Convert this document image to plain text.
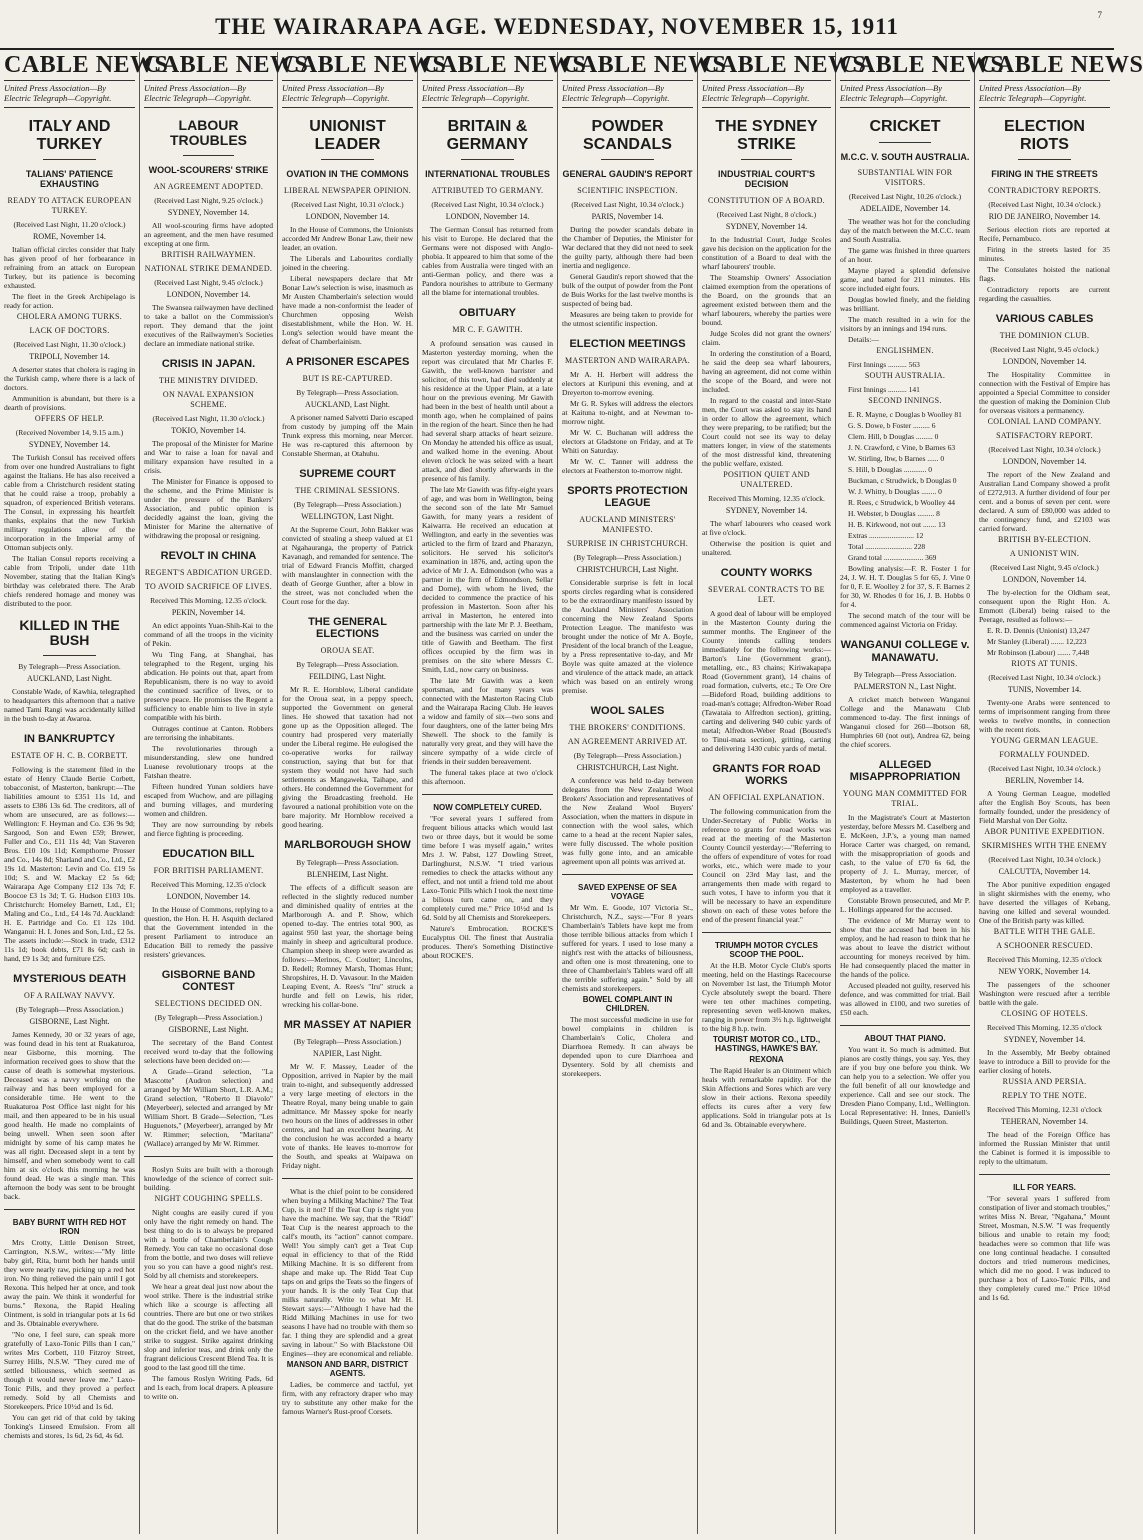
THE WAIRARAPA AGE. WEDNESDAY, NOVEMBER 15, 1911	7
CABLE NEWS
United Press Association—By Electric Telegraph—Copyright.
ITALY AND TURKEY
TALIANS' PATIENCE EXHAUSTING
READY TO ATTACK EUROPEAN TURKEY.
(Received Last Night, 11.20 o'clock.)
ROME, November 14.
Italian official circles consider that Italy has given proof of her forbearance in refraining from an attack on European Turkey, but its patience is becoming exhausted.
The fleet in the Greek Archipelago is ready for action.
CHOLERA AMONG TURKS.
LACK OF DOCTORS.
(Received Last Night, 11.30 o'clock.)
TRIPOLI, November 14.
A deserter states that cholera is raging in the Turkish camp, where there is a lack of doctors.
Ammunition is abundant, but there is a dearth of provisions.
OFFERS OF HELP.
(Received November 14, 9.15 a.m.)
SYDNEY, November 14.
The Turkish Consul has received offers from over one hundred Australians to fight against the Italians. He has also received a cable from a Christchurch resident stating that he could raise a troop, probably a squadron, of experienced British veterans. The Consul, in expressing his heartfelt thanks, explains that the new Turkish military regulations allow of the incorporation in the Imperial army of Ottoman subjects only.
The Italian Consul reports receiving a cable from Tripoli, under date 11th November, stating that the Italian King's birthday was celebrated there. The Arab chiefs rendered homage and money was distributed to the poor.
KILLED IN THE BUSH
By Telegraph—Press Association.
AUCKLAND, Last Night.
Constable Wade, of Kawhia, telegraphed to headquarters this afternoon that a native named Tami Rangi was accidentally killed in the bush to-day at Awaroa.
IN BANKRUPTCY
ESTATE OF H. C. B. CORBETT.
Following is the statement filed in the estate of Henry Claude Bertie Corbett, tobacconist, of Masterton, bankrupt:—The liabilities amount to £351 11s 1d, and assets to £386 13s 6d. The creditors, all of whom are unsecured, are as follows:—Wellington: F. Heyman and Co. £36 9s 9d; Sargood, Son and Ewen £59; Brewer, Fuller and Co., £11 11s 4d; Van Staveren Bros. £10 10s 11d; Kempthorne Prosser and Co., 14s 8d; Sharland and Co., Ltd., £2 19s 1d. Masterton: Levin and Co. £19 5s 10d; S. and W. Mackay £2 5s 6d; Wairarapa Age Company £12 13s 7d; F. Boocoe £3 1s 3d; T. G. Hudson £103 10s. Christchurch: Homeley Barnett, Ltd., £1; Maling and Co., Ltd., £4 14s 7d. Auckland: H. E. Partridge and Co. £1 12s 10d. Wanganui: H. I. Jones and Son, Ltd., £2 5s. The assets include:—Stock in trade, £312 11s 1d; book debts, £71 8s 6d; cash in hand, £9 1s 3d; and furniture £25.
MYSTERIOUS DEATH
OF A RAILWAY NAVVY.
(By Telegraph—Press Association.)
GISBORNE, Last Night.
James Kennedy, 30 or 32 years of age, was found dead in his tent at Ruakaturoa, near Gisborne, this morning. The information received goes to show that the cause of death is somewhat mysterious. Deceased was a navvy working on the railway and has been employed for a considerable time. He went to the Ruakaturoa Post Office last night for his mail, and then appeared to be in his usual good health. He made no complaints of being unwell. When seen soon after midnight by some of his camp mates he was all right. Deceased slept in a tent by himself, and when somebody went to call him at six o'clock this morning he was found dead. He was a single man. This afternoon the body was sent to be brought back.
BABY BURNT WITH RED HOT IRON
Mrs Crotty, Little Denison Street, Carrington, N.S.W., writes:—"My little baby girl, Rita, burnt both her hands until they were nearly raw, picking up a red hot iron. No thing relieved the pain until I got Rexona. This helped her at once, and took away the pain. We think it wonderful for burns." Rexona, the Rapid Healing Ointment, is sold in triangular pots at 1s 6d and 3s. Obtainable everywhere.
"No one, I feel sure, can speak more gratefully of Laxo-Tonic Pills than I can," writes Mrs Corbett, 110 Fitzroy Street, Surrey Hills, N.S.W. "They cured me of settled biliousness, which seemed as though it would never leave me." Laxo-Tonic Pills, and they proved a perfect remedy. Sold by all Chemists and Storekeepers. Price 10½d and 1s 6d.
You can get rid of that cold by taking Tonking's Linseed Emulsion. From all chemists and stores, 1s 6d, 2s 6d, 4s 6d.
CABLE NEWS
United Press Association—By Electric Telegraph—Copyright.
LABOUR TROUBLES
WOOL-SCOURERS' STRIKE
AN AGREEMENT ADOPTED.
(Received Last Night, 9.25 o'clock.)
SYDNEY, November 14.
All wool-scouring firms have adopted an agreement, and the men have resumed excepting at one firm.
BRITISH RAILWAYMEN.
NATIONAL STRIKE DEMANDED.
(Received Last Night, 9.45 o'clock.)
LONDON, November 14.
The Swansea railwaymen have declined to take a ballot on the Commission's report. They demand that the joint executives of the Railwaymen's Societies declare an immediate national strike.
CRISIS IN JAPAN.
THE MINISTRY DIVIDED.
ON NAVAL EXPANSION SCHEME.
(Received Last Night, 11.30 o'clock.)
TOKIO, November 14.
The proposal of the Minister for Marine and War to raise a loan for naval and military expansion have resulted in a crisis.
The Minister for Finance is opposed to the scheme, and the Prime Minister is under the pressure of the Bankers' Association, and public opinion is decidedly against the loan, giving the Minister for Marine the alternative of withdrawing the proposal or resigning.
REVOLT IN CHINA
REGENT'S ABDICATION URGED.
TO AVOID SACRIFICE OF LIVES.
Received This Morning, 12.35 o'clock.
PEKIN, November 14.
An edict appoints Yuan-Shih-Kai to the command of all the troops in the vicinity of Pekin.
Wu Ting Fang, at Shanghai, has telegraphed to the Regent, urging his abdication. He points out that, apart from Republicanism, there is no way to avoid the continued sacrifice of lives, or to preserve peace. He promises the Regent a sufficiency to enable him to live in style compatible with his birth.
Outrages continue at Canton. Robbers are terrorising the inhabitants.
The revolutionaries through a misunderstanding, slew one hundred Luanese revolutionary troops at the Fatshan theatre.
Fifteen hundred Yunan soldiers have escaped from Wuchow, and are pillaging and burning villages, and murdering women and children.
They are now surrounding by rebels and fierce fighting is proceeding.
EDUCATION BILL
FOR BRITISH PARLIAMENT.
Received This Morning, 12.35 o'clock
LONDON, November 14.
In the House of Commons, replying to a question, the Hon. H. H. Asquith declared that the Government intended in the present Parliament to introduce an Education Bill to remedy the passive resisters' grievances.
GISBORNE BAND CONTEST
SELECTIONS DECIDED ON.
(By Telegraph—Press Association.)
GISBORNE, Last Night.
The secretary of the Band Contest received word to-day that the following selections have been decided on:—
A Grade—Grand selection, "La Mascotte" (Audron selection) and arranged by Mr William Short, L.R. A.M.; Grand selection, "Roberto Il Diavolo" (Meyerbeer), selected and arranged by Mr William Short. B Grade—Selection, "Les Huguenots," (Meyerbeer), arranged by Mr W. Rimmer; selection, "Maritana" (Wallace) arranged by Mr W. Rimmer.
Roslyn Suits are built with a thorough knowledge of the science of correct suit-building.
NIGHT COUGHING SPELLS.
Night coughs are easily cured if you only have the right remedy on hand. The best thing to do is to always be prepared with a bottle of Chamberlain's Cough Remedy. You can take no occasional dose from the bottle, and two doses will relieve you so you can have a good night's rest. Sold by all chemists and storekeepers.
We hear a great deal just now about the wool strike. There is the industrial strike which like a scourge is affecting all countries. There are but one or two strikes that do the good. The strike of the batsman on the cricket field, and we have another strike to suggest. Strike against drinking slop and inferior teas, and drink only the fragrant delicious Crescent Blend Tea. It is good to the last good till the time.
The famous Roslyn Writing Pads, 6d and 1s each, from local drapers. A pleasure to write on.
CABLE NEWS
United Press Association—By Electric Telegraph—Copyright.
UNIONIST LEADER
OVATION IN THE COMMONS
LIBERAL NEWSPAPER OPINION.
(Received Last Night, 10.31 o'clock.)
LONDON, November 14.
In the House of Commons, the Unionists accorded Mr Andrew Bonar Law, their new leader, an ovation.
The Liberals and Labourites cordially joined in the cheering.
Liberal newspapers declare that Mr Bonar Law's selection is wise, inasmuch as Mr Austen Chamberlain's selection would have made a non-conformist the leader of Churchmen opposing Welsh disestablishment, while the Hon. W. H. Long's selection would have meant the defeat of Chamberlainism.
A PRISONER ESCAPES
BUT IS RE-CAPTURED.
By Telegraph—Press Association.
AUCKLAND, Last Night.
A prisoner named Salvetti Dario escaped from custody by jumping off the Main Trunk express this morning, near Mercer. He was re-captured this afternoon by Constable Sherman, at Otahuhu.
SUPREME COURT
THE CRIMINAL SESSIONS.
(By Telegraph—Press Association.)
WELLINGTON, Last Night.
At the Supreme Court, John Bakker was convicted of stealing a sheep valued at £1 at Ngahauranga, the property of Patrick Kavanagh, and remanded for sentence. The trial of Edward Francis Moffitt, charged with manslaughter in connection with the death of George Gunther, after a blow in the street, was not concluded when the Court rose for the day.
THE GENERAL ELECTIONS
OROUA SEAT.
By Telegraph—Press Association.
FEILDING, Last Night.
Mr R. E. Hornblow, Liberal candidate for the Oroua seat, in a peppy speech, supported the Government on general lines. He showed that taxation had not gone up as the Opposition alleged. The country had prospered very materially under the Liberal regime. He eulogised the co-operative works for railway construction, saying that but for that system they would not have had such settlements as Mangaweka, Taihape, and others. He condemned the Government for giving the Broadcasting freehold. He favoured a national prohibition vote on the bare majority. Mr Hornblow received a good hearing.
MARLBOROUGH SHOW
By Telegraph—Press Association.
BLENHEIM, Last Night.
The effects of a difficult season are reflected in the slightly reduced number and diminished quality of entries at the Marlborough A. and P. Show, which opened to-day. The entries total 900, as against 950 last year, the shortage being mainly in sheep and agricultural produce. Champion sheep in sheep were awarded as follows:—Merinos, C. Coulter; Lincolns, D. Redell; Romney Marsh, Thomas Hunt; Shropshires, H. D. Vavasour. In the Maiden Leaping Event, A. Rees's "Iru" struck a hurdle and fell on Lewis, his rider, wrecking his collar-bone.
MR MASSEY AT NAPIER
(By Telegraph—Press Association.)
NAPIER, Last Night.
Mr W. F. Massey, Leader of the Opposition, arrived in Napier by the mail train to-night, and subsequently addressed a very large meeting of electors in the Theatre Royal, many being unable to gain admittance. Mr Massey spoke for nearly two hours on the lines of addresses in other centres, and had an excellent hearing. At the conclusion he was accorded a hearty vote of thanks. He leaves to-morrow for the South, and speaks at Waipawa on Friday night.
What is the chief point to be considered when buying a Milking Machine? The Teat Cup, is it not? If the Teat Cup is right you have the machine. We say, that the "Ridd" Teat Cup is the nearest approach to the calf's mouth, its "action" cannot compare. Well! You simply can't get a Teat Cup equal in efficiency to that of the Ridd Milking Machine. It is so different from shape and make up. The Ridd Teat Cup taps on and grips the Teats so the fingers of your hands. It is the only Teat Cup that milks naturally. Write to what Mr H. Stewart says:—"Although I have had the Ridd Milking Machines in use for two seasons I have had no trouble with them so far. I thing they are splendid and a great saving in labour." So with Blackstone Oil Engines—they are economical and reliable.
MANSON AND BARR, DISTRICT AGENTS.
Ladies, be commerce and tactful, yet firm, with any refractory draper who may try to substitute any other make for the famous Warner's Rust-proof Corsets.
CABLE NEWS
United Press Association—By Electric Telegraph—Copyright.
BRITAIN & GERMANY
INTERNATIONAL TROUBLES
ATTRIBUTED TO GERMANY.
(Received Last Night, 10.34 o'clock.)
LONDON, November 14.
The German Consul has returned from his visit to Europe. He declared that the Germans were not disposed with Anglo-phobia. It appeared to him that some of the cables from Australia were tinged with an anti-German policy, and there was a Pandora nourishes to attribute to Germany all the blame for international troubles.
OBITUARY
MR C. F. GAWITH.
A profound sensation was caused in Masterton yesterday morning, when the report was circulated that Mr Charles F. Gawith, the well-known barrister and solicitor, of this town, had died suddenly at his residence at the Upper Plain, at a late hour on the previous evening. Mr Gawith had been in the best of health until about a month ago, when he complained of pains in the region of the heart. Since then he had had several sharp attacks of heart seizure. On Monday he attended his office as usual, and walked home in the evening. About eleven o'clock he was seized with a heart attack, and died shortly afterwards in the presence of his family.
The late Mr Gawith was fifty-eight years of age, and was born in Wellington, being the second son of the late Mr Samuel Gawith, for many years a resident of Kaiwarra. He received an education at Wellington, and early in the seventies was articled to the firm of Izard and Pharazyn, solicitors. He served his solicitor's examination in 1876, and, acting upon the advice of Mr J. A. Edmondson (who was a partner in the firm of Edmondson, Sellar and Dorne), with whom he lived, the decided to commence the practice of his profession in Masterton. Soon after his arrival in Masterton, he entered into partnership with the late Mr P. J. Beetham, and the business was carried on under the title of Gawith and Beetham. The first offices occupied by the firm was in premises on the site where Messrs C. Smith, Ltd., now carry on business.
The late Mr Gawith was a keen sportsman, and for many years was connected with the Masterton Racing Club and the Wairarapa Racing Club. He leaves a widow and family of six—two sons and four daughters, one of the latter being Mrs Shewell. The shock to the family is naturally very great, and they will have the sincere sympathy of a wide circle of friends in their sudden bereavement.
The funeral takes place at two o'clock this afternoon.
NOW COMPLETELY CURED.
"For several years I suffered from frequent bilious attacks which would last two or three days, but it would be some time before I was myself again," writes Mrs J. W. Pabst, 127 Dowling Street, Darlinghurst, N.S.W. "I tried various remedies to check the attacks without any effect, and not until a friend told me about Laxo-Tonic Pills which I took the next time a bilious turn came on, and they completely cured me." Price 10½d and 1s 6d. Sold by all Chemists and Storekeepers.
Nature's Embrocation. ROCKE'S Eucalyptus Oil. The finest that Australia produces. There's Something Distinctive about ROCKE'S.
CABLE NEWS
United Press Association—By Electric Telegraph—Copyright.
POWDER SCANDALS
GENERAL GAUDIN'S REPORT
SCIENTIFIC INSPECTION.
(Received Last Night, 10.34 o'clock.)
PARIS, November 14.
During the powder scandals debate in the Chamber of Deputies, the Minister for War declared that they did not need to seek the guilty party, although there had been inertia and negligence.
General Gaudin's report showed that the bulk of the output of powder from the Pont de Buis Works for the last twelve months is suspected of being bad.
Measures are being taken to provide for the utmost scientific inspection.
ELECTION MEETINGS
MASTERTON AND WAIRARAPA.
Mr A. H. Herbert will address the electors at Kuripuni this evening, and at Dreyerton to-morrow evening.
Mr G. R. Sykes will address the electors at Kaituna to-night, and at Newman to-morrow night.
Mr W. C. Buchanan will address the electors at Gladstone on Friday, and at Te Whiti on Saturday.
Mr W. C. Tanner will address the electors at Featherston to-morrow night.
SPORTS PROTECTION LEAGUE
AUCKLAND MINISTERS' MANIFESTO.
SURPRISE IN CHRISTCHURCH.
(By Telegraph—Press Association.)
CHRISTCHURCH, Last Night.
Considerable surprise is felt in local sports circles regarding what is considered to be the extraordinary manifesto issued by the Auckland Ministers' Association concerning the New Zealand Sports Protection League. The manifesto was brought under the notice of Mr A. Boyle, President of the local branch of the League, by a Press representative to-day, and Mr Boyle was quite amazed at the violence and virulence of the attack made, an attack which was based on an entirely wrong premise.
WOOL SALES
THE BROKERS' CONDITIONS.
AN AGREEMENT ARRIVED AT.
(By Telegraph—Press Association.)
CHRISTCHURCH, Last Night.
A conference was held to-day between delegates from the New Zealand Wool Brokers' Association and representatives of the New Zealand Wool Buyers' Association, when the matters in dispute in connection with the wool sales, which came to a head at the recent Napier sales, were fully discussed. The whole position was fully gone into, and an amicable agreement upon all points was arrived at.
SAVED EXPENSE OF SEA VOYAGE
Mr Wm. E. Goode, 107 Victoria St., Christchurch, N.Z., says:—"For 8 years Chamberlain's Tablets have kept me from those terrible bilious attacks from which I suffered for years. I used to lose many a night's rest with the attacks of biliousness, and often one is most threatening, one to three of Chamberlain's Tablets ward off all the terrible suffering again." Sold by all chemists and storekeepers.
BOWEL COMPLAINT IN CHILDREN.
The most successful medicine in use for bowel complaints in children is Chamberlain's Colic, Cholera and Diarrhoea Remedy. It can always be depended upon to cure Diarrhoea and Dysentery. Sold by all chemists and storekeepers.
CABLE NEWS
United Press Association—By Electric Telegraph—Copyright.
THE SYDNEY STRIKE
INDUSTRIAL COURT'S DECISION
CONSTITUTION OF A BOARD.
(Received Last Night, 8 o'clock.)
SYDNEY, November 14.
In the Industrial Court, Judge Scoles gave his decision on the application for the constitution of a Board to deal with the wharf labourers' trouble.
The Steamship Owners' Association claimed exemption from the operations of the Board, on the grounds that an agreement existed between them and the wharf labourers, whereby the parties were bound.
Judge Scoles did not grant the owners' claim.
In ordering the constitution of a Board, he said the deep sea wharf labourers, having an agreement, did not come within the scope of the Board, and were not included.
In regard to the coastal and inter-State men, the Court was asked to stay its hand in order to allow the agreement, which they were preparing, to be ratified; but the Court could not see its way to delay matters longer, in view of the statements of the most distressful kind, threatening the public welfare, existed.
POSITION QUIET AND UNALTERED.
Received This Morning, 12.35 o'clock.
SYDNEY, November 14.
The wharf labourers who ceased work at five o'clock.
Otherwise the position is quiet and unaltered.
COUNTY WORKS
SEVERAL CONTRACTS TO BE LET.
A good deal of labour will be employed in the Masterton County during the summer months. The Engineer of the County intends calling tenders immediately for the following works:—Barton's Line (Government grant), metalling, etc., 83 chains; Kiriwakapapa Road (Government grant), 14 chains of road formation, culverts, etc.; Te Ore Ore—Bideford Road, building additions to road-man's cottage; Alfredton-Weber Road (Tawataia to Alfredton section), gritting, carting and delivering 940 cubic yards of metal; Alfredton-Weber Road (Bousted's to Tinui-mata section), gritting, carting and delivering 1430 cubic yards of metal.
GRANTS FOR ROAD WORKS
AN OFFICIAL EXPLANATION.
The following communication from the Under-Secretary of Public Works in reference to grants for road works was read at the meeting of the Masterton County Council yesterday:—"Referring to the offers of expenditure of votes for road works, etc., which were made to your Council on 23rd May last, and the arrangements then made with regard to such votes, I have to inform you that it will be necessary to have an expenditure shown on each of these votes before the end of the present financial year."
TRIUMPH MOTOR CYCLES SCOOP THE POOL.
At the H.B. Motor Cycle Club's sports meeting, held on the Hastings Racecourse on November 1st last, the Triumph Motor Cycle absolutely swept the board. There were ten other machines competing, representing seven well-known makes, ranging in power from 3½ h.p. lightweight to the big 8 h.p. twin.
TOURIST MOTOR CO., LTD., HASTINGS, HAWKE'S BAY.
REXONA
The Rapid Healer is an Ointment which heals with remarkable rapidity. For the Skin Affections and Sores which are very slow in their actions. Rexona speedily effects its cures after a very few applications. Sold in triangular pots at 1s 6d and 3s. Obtainable everywhere.
CABLE NEWS
United Press Association—By Electric Telegraph—Copyright.
CRICKET
M.C.C. V. SOUTH AUSTRALIA.
SUBSTANTIAL WIN FOR VISITORS.
(Received Last Night, 10.26 o'clock.)
ADELAIDE, November 14.
The weather was hot for the concluding day of the match between the M.C.C. team and South Australia.
The game was finished in three quarters of an hour.
Mayne played a splendid defensive game, and batted for 211 minutes. His score included eight fours.
Douglas bowled finely, and the fielding was brilliant.
The match resulted in a win for the visitors by an innings and 194 runs.
Details:—
ENGLISHMEN.
First Innings .......... 563
SOUTH AUSTRALIA.
First Innings .......... 141
SECOND INNINGS.
E. R. Mayne, c Douglas b Woolley 81
G. S. Dowe, b Foster ......... 6
Clem. Hill, b Douglas ......... 0
J. N. Crawford, c Vine, b Barnes 63
W. Stirling, lbw, b Barnes ...... 0
S. Hill, b Douglas ............ 0
Buckman, c Strudwick, b Douglas 0
W. J. Whitty, b Douglas ........ 0
R. Rees, c Strudwick, b Woolley 44
H. Webster, b Douglas ......... 8
H. B. Kirkwood, not out ....... 13
Extras ........................ 12
Total ......................... 228
Grand total ..................... 369
Bowling analysis:—F. R. Foster 1 for 24, J. W. H. T. Douglas 5 for 65, J. Vine 0 for 0, F. E. Woolley 2 for 37, S. F. Barnes 2 for 30, W. Rhodes 0 for 16, J. B. Hobbs 0 for 4.
The second match of the tour will be commenced against Victoria on Friday.
WANGANUI COLLEGE v. MANAWATU.
By Telegraph—Press Association.
PALMERSTON N., Last Night.
A cricket match between Wanganui College and the Manawatu Club commenced to-day. The first innings of Wanganui closed for 260—Ibotson 68, Humphries 60 (not out), Andrea 62, being the chief scorers.
ALLEGED MISAPPROPRIATION
YOUNG MAN COMMITTED FOR TRIAL.
In the Magistrate's Court at Masterton yesterday, before Messrs M. Caselberg and E. McKeen, J.P.'s, a young man named Horace Carter was charged, on remand, with the misappropriation of goods and cash, to the value of £70 6s 6d, the property of J. L. Murray, mercer, of Masterton, by whom he had been employed as a traveller.
Constable Brown prosecuted, and Mr P. L. Hollings appeared for the accused.
The evidence of Mr Murray went to show that the accused had been in his employ, and he had reason to think that he was about to leave the district without accounting for moneys received by him. He had consequently placed the matter in the hands of the police.
Accused pleaded not guilty, reserved his defence, and was committed for trial. Bail was allowed in £100, and two sureties of £50 each.
ABOUT THAT PIANO.
You want it. So much is admitted. But pianos are costly things, you say. Yes, they are if you buy one before you think. We can help you to a selection. We offer you the full benefit of all our knowledge and experience. Call and see our stock. The Dresden Piano Company, Ltd., Wellington. Local Representative: H. Innes, Daniell's Buildings, Queen Street, Masterton.
CABLE NEWS
United Press Association—By Electric Telegraph—Copyright.
ELECTION RIOTS
FIRING IN THE STREETS
CONTRADICTORY REPORTS.
(Received Last Night, 10.34 o'clock.)
RIO DE JANEIRO, November 14.
Serious election riots are reported at Recife, Pernambuco.
Firing in the streets lasted for 35 minutes.
The Consulates hoisted the national flags.
Contradictory reports are current regarding the casualties.
VARIOUS CABLES
THE DOMINION CLUB.
(Received Last Night, 9.45 o'clock.)
LONDON, November 14.
The Hospitality Committee in connection with the Festival of Empire has appointed a Special Committee to consider the question of making the Dominion Club for overseas visitors a permanency.
COLONIAL LAND COMPANY.
SATISFACTORY REPORT.
(Received Last Night, 10.34 o'clock.)
LONDON, November 14.
The report of the New Zealand and Australian Land Company showed a profit of £272,913. A further dividend of four per cent. and a bonus of seven per cent. were declared. A sum of £80,000 was added to the contingency fund, and £2103 was carried forward.
BRITISH BY-ELECTION.
A UNIONIST WIN.
(Received Last Night, 9.45 o'clock.)
LONDON, November 14.
The by-election for the Oldham seat, consequent upon the Right Hon. A. Emmott (Liberal) being raised to the Peerage, resulted as follows:—
E. R. D. Dennis (Unionist) 13,247
Mr Stanley (Liberal) ....... 12,223
Mr Robinson (Labour) ....... 7,448
RIOTS AT TUNIS.
(Received Last Night, 10.34 o'clock.)
TUNIS, November 14.
Twenty-one Arabs were sentenced to terms of imprisonment ranging from three weeks to twelve months, in connection with the recent riots.
YOUNG GERMAN LEAGUE.
FORMALLY FOUNDED.
(Received Last Night, 10.34 o'clock.)
BERLIN, November 14.
A Young German League, modelled after the English Boy Scouts, has been formally founded, under the presidency of Field Marshal von Der Goltz.
ABOR PUNITIVE EXPEDITION.
SKIRMISHES WITH THE ENEMY
(Received Last Night, 10.34 o'clock.)
CALCUTTA, November 14.
The Abor punitive expedition engaged in slight skirmishes with the enemy, who have deserted the villages of Kebang, having one killed and several wounded. One of the British party was killed.
BATTLE WITH THE GALE.
A SCHOONER RESCUED.
Received This Morning, 12.35 o'clock
NEW YORK, November 14.
The passengers of the schooner Washington were rescued after a terrible battle with the gale.
CLOSING OF HOTELS.
Received This Morning, 12.35 o'clock
SYDNEY, November 14.
In the Assembly, Mr Beeby obtained leave to introduce a Bill to provide for the earlier closing of hotels.
RUSSIA AND PERSIA.
REPLY TO THE NOTE.
Received This Morning, 12.31 o'clock
TEHERAN, November 14.
The head of the Foreign Office has informed the Russian Minister that until the Cabinet is formed it is impossible to reply to the ultimatum.
ILL FOR YEARS.
"For several years I suffered from constipation of liver and stomach troubles," writes Miss N. Brear, "Ngahana," Mount Street, Mosman, N.S.W. "I was frequently bilious and unable to retain my food; headaches were so common that life was one long continual headache. I consulted doctors and tried numerous medicines, which did me no good. I was induced to purchase a box of Laxo-Tonic Pills, and they completely cured me." Price 10½d and 1s 6d.
